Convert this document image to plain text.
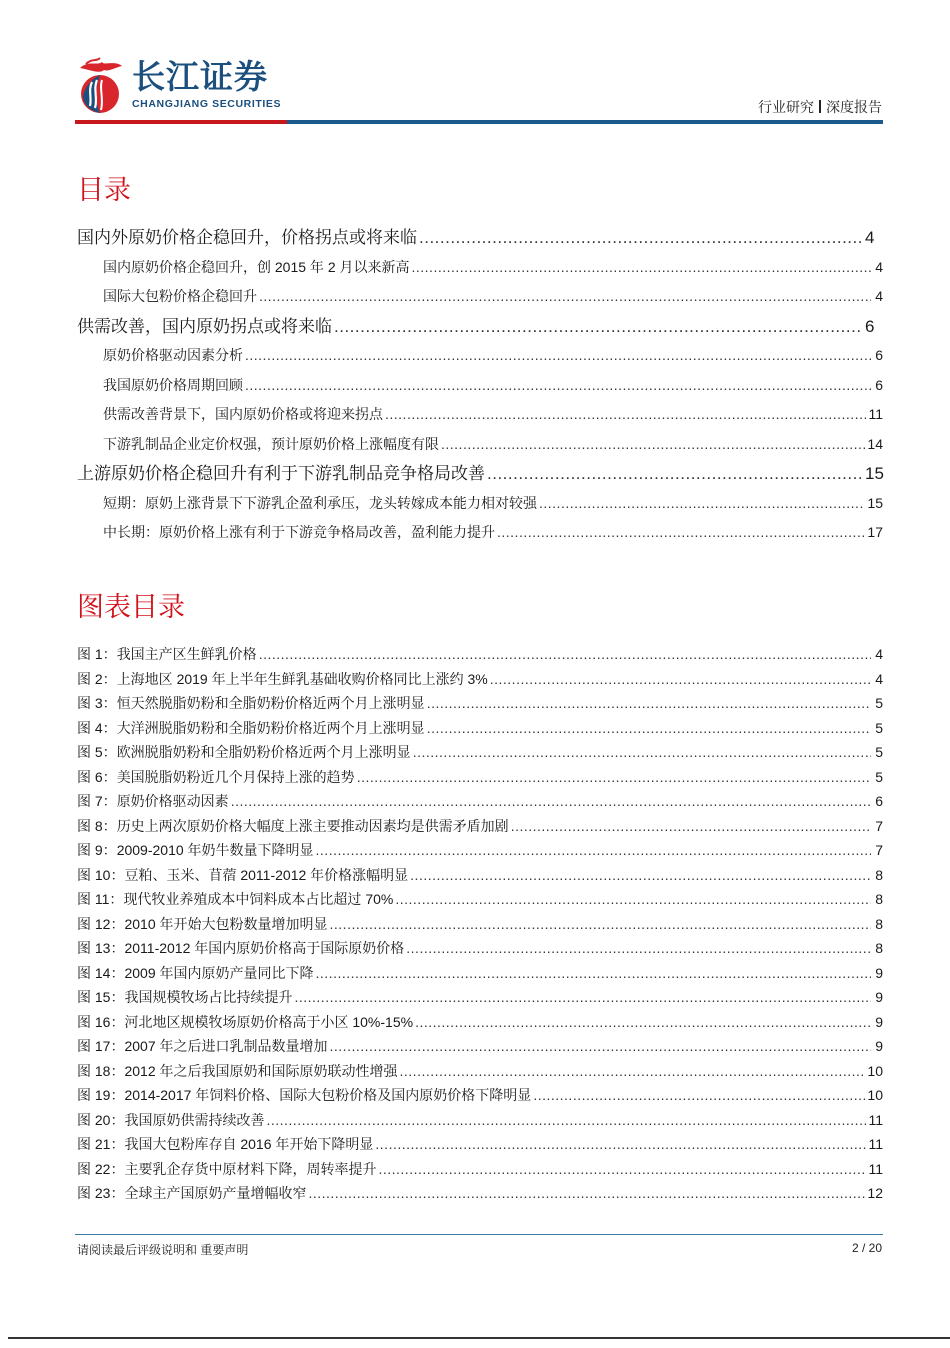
长江证券
CHANGJIANG SECURITIES	行业研究 深度报告
目录
国内外原奶价格企稳回升，价格拐点或将来临 .....	4
国内原奶价格企稳回升，创 2015 年 2 月以来新高 .....	4
国际大包粉价格企稳回升 .....	4
供需改善，国内原奶拐点或将来临 .....	6
原奶价格驱动因素分析 .....	6
我国原奶价格周期回顾 .....	6
供需改善背景下，国内原奶价格或将迎来拐点 .....	11
下游乳制品企业定价权强，预计原奶价格上涨幅度有限 .....	14
上游原奶价格企稳回升有利于下游乳制品竞争格局改善 .....	15
短期：原奶上涨背景下下游乳企盈利承压，龙头转嫁成本能力相对较强 .....	15
中长期：原奶价格上涨有利于下游竞争格局改善，盈利能力提升 .....	17
图表目录
图 1： 我国主产区生鲜乳价格 .....	4
图 2： 上海地区 2019 年上半年生鲜乳基础收购价格同比上涨约 3% .....	4
图 3： 恒天然脱脂奶粉和全脂奶粉价格近两个月上涨明显 .....	5
图 4： 大洋洲脱脂奶粉和全脂奶粉价格近两个月上涨明显 .....	5
图 5： 欧洲脱脂奶粉和全脂奶粉价格近两个月上涨明显 .....	5
图 6： 美国脱脂奶粉近几个月保持上涨的趋势 .....	5
图 7： 原奶价格驱动因素 .....	6
图 8： 历史上两次原奶价格大幅度上涨主要推动因素均是供需矛盾加剧 .....	7
图 9： 2009-2010 年奶牛数量下降明显 .....	7
图 10： 豆粕、玉米、苜蓿 2011-2012 年价格涨幅明显 .....	8
图 11： 现代牧业养殖成本中饲料成本占比超过 70% .....	8
图 12： 2010 年开始大包粉数量增加明显 .....	8
图 13： 2011-2012 年国内原奶价格高于国际原奶价格 .....	8
图 14： 2009 年国内原奶产量同比下降 .....	9
图 15： 我国规模牧场占比持续提升 .....	9
图 16： 河北地区规模牧场原奶价格高于小区 10%-15% .....	9
图 17： 2007 年之后进口乳制品数量增加 .....	9
图 18： 2012 年之后我国原奶和国际原奶联动性增强 .....	10
图 19： 2014-2017 年饲料价格、国际大包粉价格及国内原奶价格下降明显 .....	10
图 20： 我国原奶供需持续改善 .....	11
图 21： 我国大包粉库存自 2016 年开始下降明显 .....	11
图 22： 主要乳企存货中原材料下降，周转率提升 .....	11
图 23： 全球主产国原奶产量增幅收窄 .....	12
请阅读最后评级说明和 重要声明	2 / 20
